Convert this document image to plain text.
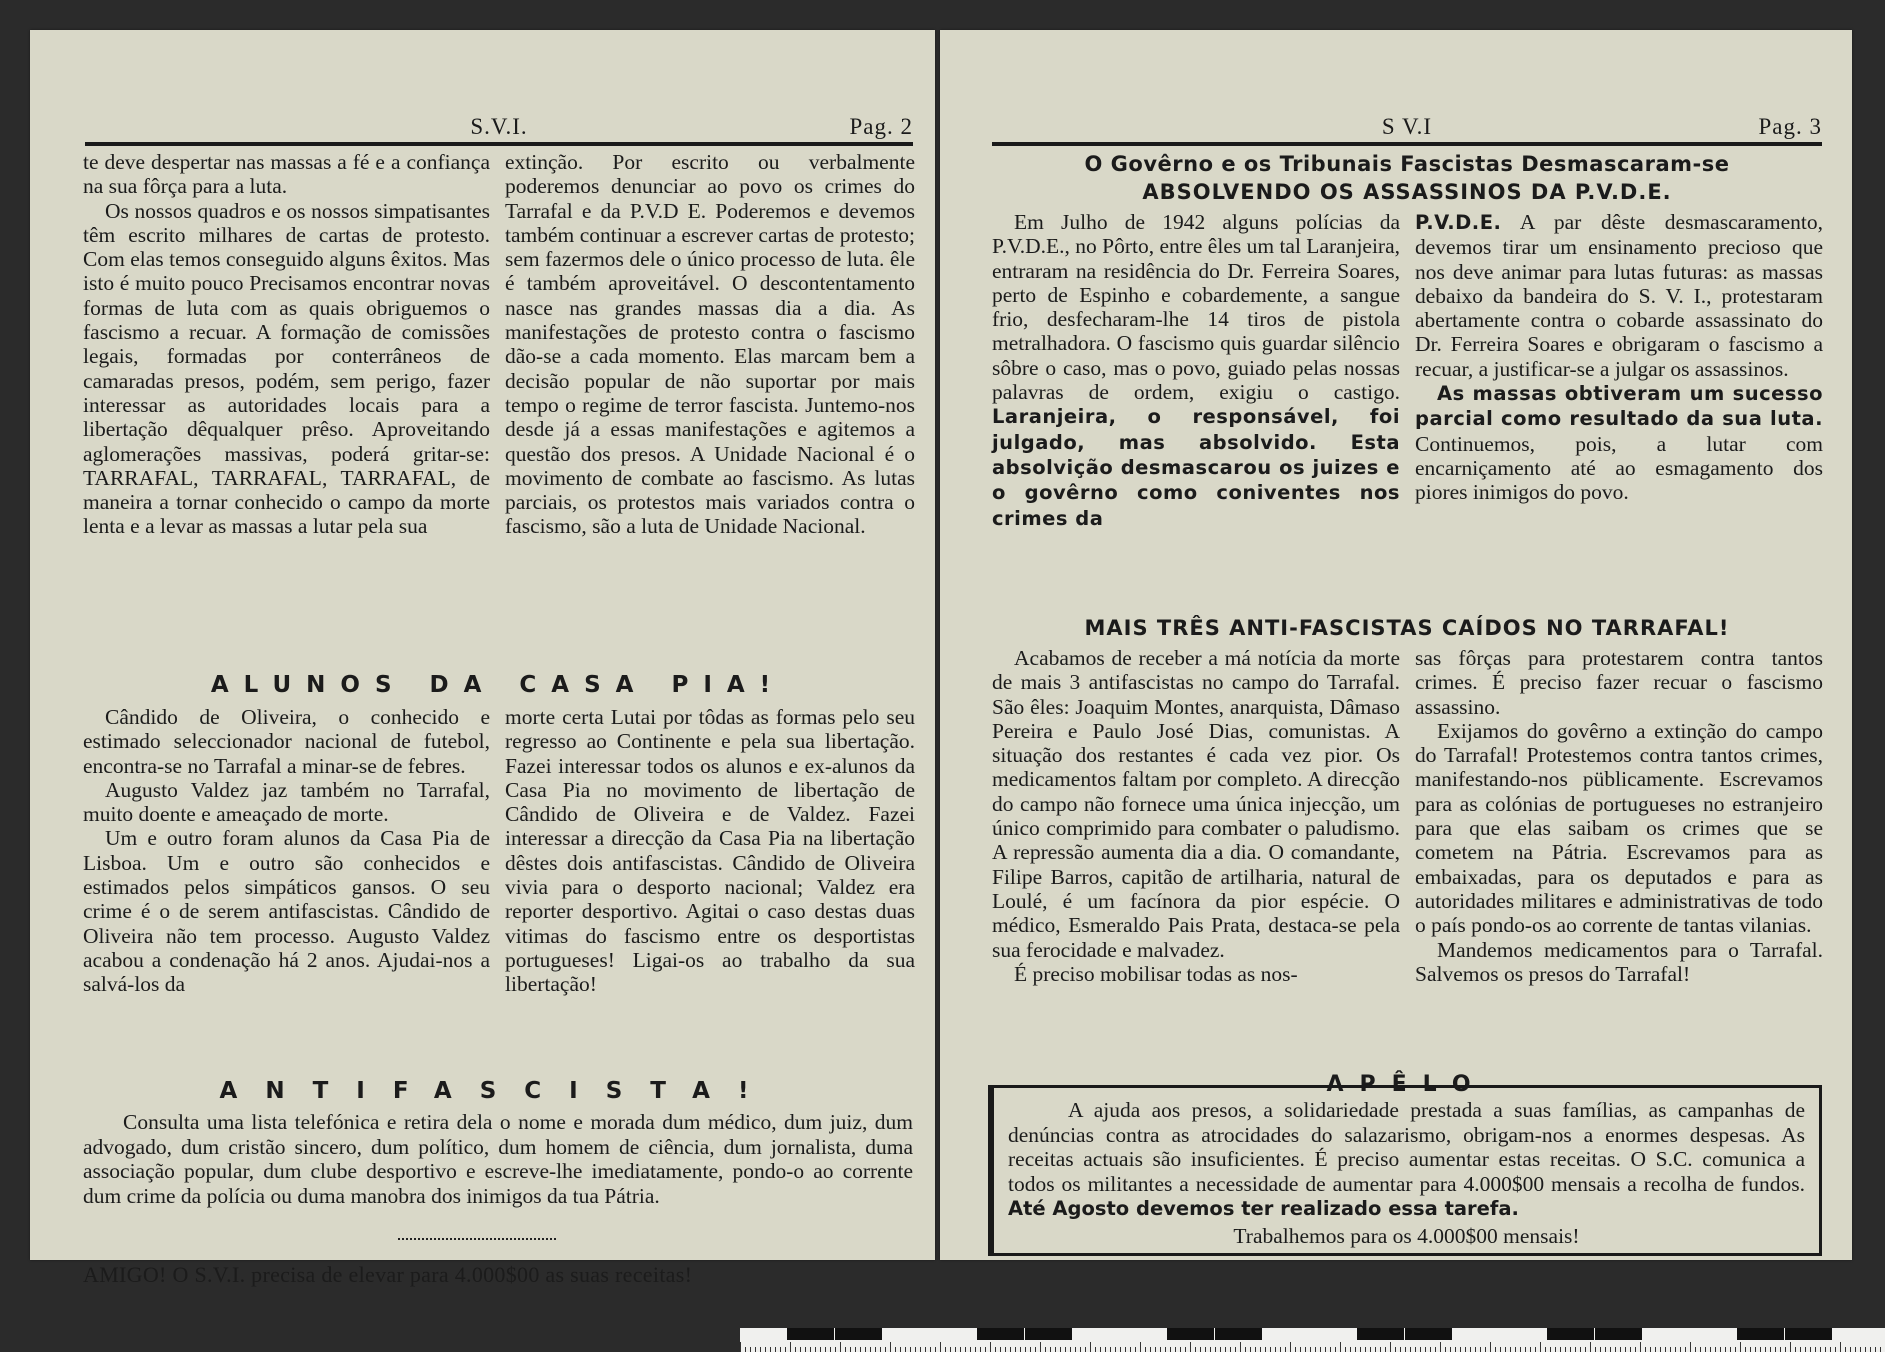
S.V.I.	Pag. 2

te deve despertar nas massas a fé e a confiança na sua fôrça para a luta.

Os nossos quadros e os nossos simpatisantes têm escrito milhares de cartas de protesto. Com elas temos conseguido alguns êxitos. Mas isto é muito pouco Precisamos encontrar novas formas de luta com as quais obriguemos o fascismo a recuar. A formação de comissões legais, formadas por conterrâneos de camaradas presos, podém, sem perigo, fazer interessar as autoridades locais para a libertação dêqualquer prêso. Aproveitando aglomerações massivas, poderá gritar-se: TARRAFAL, TARRAFAL, TARRAFAL, de maneira a tornar conhecido o campo da morte lenta e a levar as massas a lutar pela sua

extinção. Por escrito ou verbalmente poderemos denunciar ao povo os crimes do Tarrafal e da P.V.D E. Poderemos e devemos também continuar a escrever cartas de protesto; sem fazermos dele o único processo de luta. êle é também aproveitável. O descontentamento nasce nas grandes massas dia a dia. As manifestações de protesto contra o fascismo dão-se a cada momento. Elas marcam bem a decisão popular de não suportar por mais tempo o regime de terror fascista. Juntemo-nos desde já a essas manifestações e agitemos a questão dos presos. A Unidade Nacional é o movimento de combate ao fascismo. As lutas parciais, os protestos mais variados contra o fascismo, são a luta de Unidade Nacional.

ALUNOS DA CASA PIA!

Cândido de Oliveira, o conhecido e estimado seleccionador nacional de futebol, encontra-se no Tarrafal a minar-se de febres.

Augusto Valdez jaz também no Tarrafal, muito doente e ameaçado de morte.

Um e outro foram alunos da Casa Pia de Lisboa. Um e outro são conhecidos e estimados pelos simpáticos gansos. O seu crime é o de serem antifascistas. Cândido de Oliveira não tem processo. Augusto Valdez acabou a condenação há 2 anos. Ajudai-nos a salvá-los da

morte certa Lutai por tôdas as formas pelo seu regresso ao Continente e pela sua libertação. Fazei interessar todos os alunos e ex-alunos da Casa Pia no movimento de libertação de Cândido de Oliveira e de Valdez. Fazei interessar a direcção da Casa Pia na libertação dêstes dois antifascistas. Cândido de Oliveira vivia para o desporto nacional; Valdez era reporter desportivo. Agitai o caso destas duas vitimas do fascismo entre os desportistas portugueses! Ligai-os ao trabalho da sua libertação!

ANTIFASCISTA!

Consulta uma lista telefónica e retira dela o nome e morada dum médico, dum juiz, dum advogado, dum cristão sincero, dum político, dum homem de ciência, dum jornalista, duma associação popular, dum clube desportivo e escreve-lhe imediatamente, pondo-o ao corrente dum crime da polícia ou duma manobra dos inimigos da tua Pátria.

AMIGO! O S.V.I. precisa de elevar para 4.000$00 as suas receitas!
S V.I	Pag. 3
O Govêrno e os Tribunais Fascistas Desmascaram-se
ABSOLVENDO OS ASSASSINOS DA P.V.D.E.

Em Julho de 1942 alguns polícias da P.V.D.E., no Pôrto, entre êles um tal Laranjeira, entraram na residência do Dr. Ferreira Soares, perto de Espinho e cobardemente, a sangue frio, desfecharam-lhe 14 tiros de pistola metralhadora. O fascismo quis guardar silêncio sôbre o caso, mas o povo, guiado pelas nossas palavras de ordem, exigiu o castigo. Laranjeira, o responsável, foi julgado, mas absolvido. Esta absolvição desmascarou os juizes e o govêrno como coniventes nos crimes da

P.V.D.E. A par dêste desmascaramento, devemos tirar um ensinamento precioso que nos deve animar para lutas futuras: as massas debaixo da bandeira do S. V. I., protestaram abertamente contra o cobarde assassinato do Dr. Ferreira Soares e obrigaram o fascismo a recuar, a justificar-se a julgar os assassinos.

As massas obtiveram um sucesso parcial como resultado da sua luta. Continuemos, pois, a lutar com encarniçamento até ao esmagamento dos piores inimigos do povo.

MAIS TRÊS ANTI-FASCISTAS CAÍDOS NO TARRAFAL!

Acabamos de receber a má notícia da morte de mais 3 antifascistas no campo do Tarrafal. São êles: Joaquim Montes, anarquista, Dâmaso Pereira e Paulo José Dias, comunistas. A situação dos restantes é cada vez pior. Os medicamentos faltam por completo. A direcção do campo não fornece uma única injecção, um único comprimido para combater o paludismo. A repressão aumenta dia a dia. O comandante, Filipe Barros, capitão de artilharia, natural de Loulé, é um facínora da pior espécie. O médico, Esmeraldo Pais Prata, destaca-se pela sua ferocidade e malvadez.

É preciso mobilisar todas as nos-

sas fôrças para protestarem contra tantos crimes. É preciso fazer recuar o fascismo assassino.

Exijamos do govêrno a extinção do campo do Tarrafal! Protestemos contra tantos crimes, manifestando-nos püblicamente. Escrevamos para as colónias de portugueses no estranjeiro para que elas saibam os crimes que se cometem na Pátria. Escrevamos para as embaixadas, para os deputados e para as autoridades militares e administrativas de todo o país pondo-os ao corrente de tantas vilanias.

Mandemos medicamentos para o Tarrafal. Salvemos os presos do Tarrafal!

APÊLO

A ajuda aos presos, a solidariedade prestada a suas famílias, as campanhas de denúncias contra as atrocidades do salazarismo, obrigam-nos a enormes despesas. As receitas actuais são insuficientes. É preciso aumentar estas receitas. O S.C. comunica a todos os militantes a necessidade de aumentar para 4.000$00 mensais a recolha de fundos. Até Agosto devemos ter realizado essa tarefa.

Trabalhemos para os 4.000$00 mensais!
